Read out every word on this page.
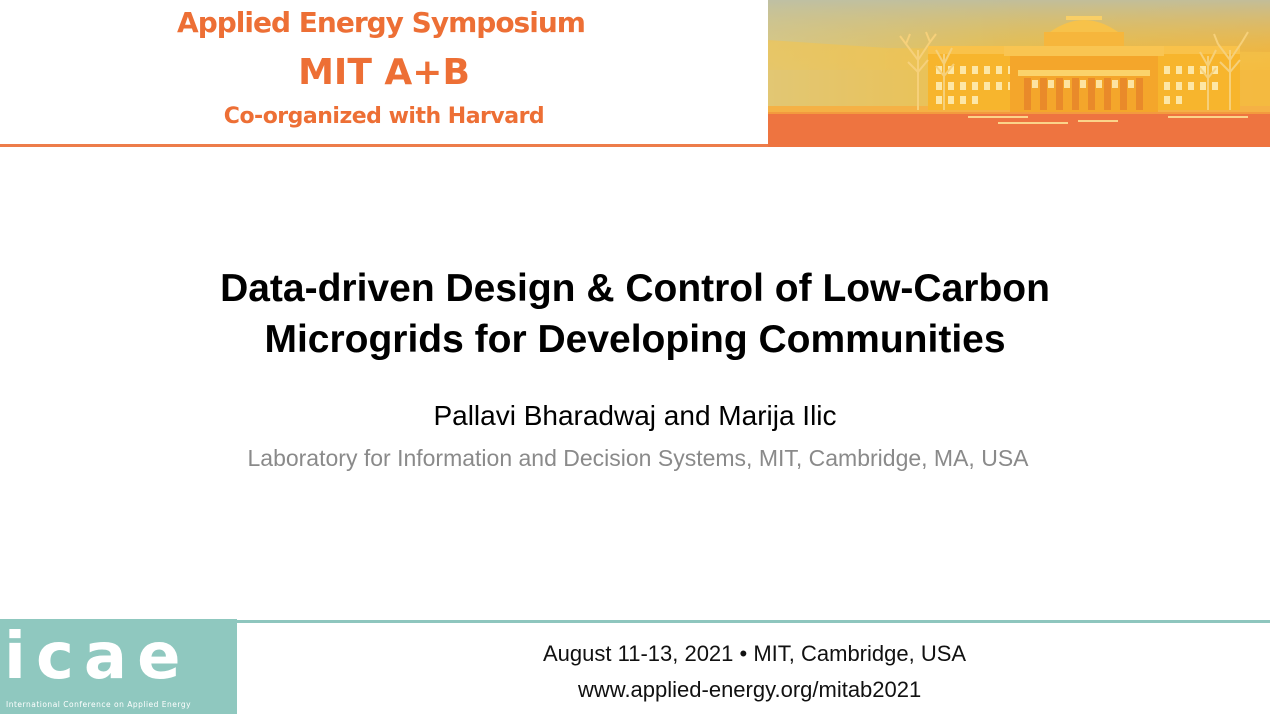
Applied Energy Symposium
MIT A+B
Co-organized with Harvard
Data-driven Design & Control of Low-Carbon
Microgrids for Developing Communities
Pallavi Bharadwaj and Marija Ilic
Laboratory for Information and Decision Systems, MIT, Cambridge, MA, USA
icae
International Conference on Applied Energy
August 11-13, 2021 • MIT, Cambridge, USA
www.applied-energy.org/mitab2021
